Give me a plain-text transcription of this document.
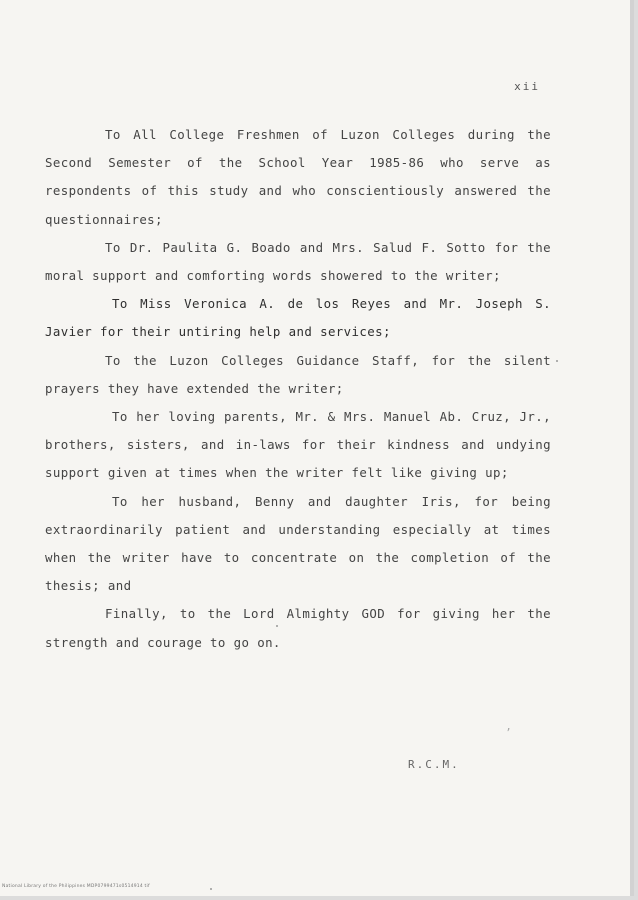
xii

To All College Freshmen of Luzon Colleges during the Second Semester of the School Year 1985-86 who serve as respondents of this study and who conscientiously answered the questionnaires;

To Dr. Paulita G. Boado and Mrs. Salud F. Sotto for the moral support and comforting words showered to the writer;

To Miss Veronica A. de los Reyes and Mr. Joseph S. Javier for their untiring help and services;

To the Luzon Colleges Guidance Staff, for the silent prayers they have extended the writer;

To her loving parents, Mr. & Mrs. Manuel Ab. Cruz, Jr., brothers, sisters, and in-laws for their kindness and undying support given at times when the writer felt like giving up;

To her husband, Benny and daughter Iris, for being extraordinarily patient and understanding especially at times when the writer have to concentrate on the completion of the thesis; and

Finally, to the Lord Almighty GOD for giving her the strength and courage to go on.

’
R.C.M.
National Library of the Philippines MDP0799471s0514914 tif
